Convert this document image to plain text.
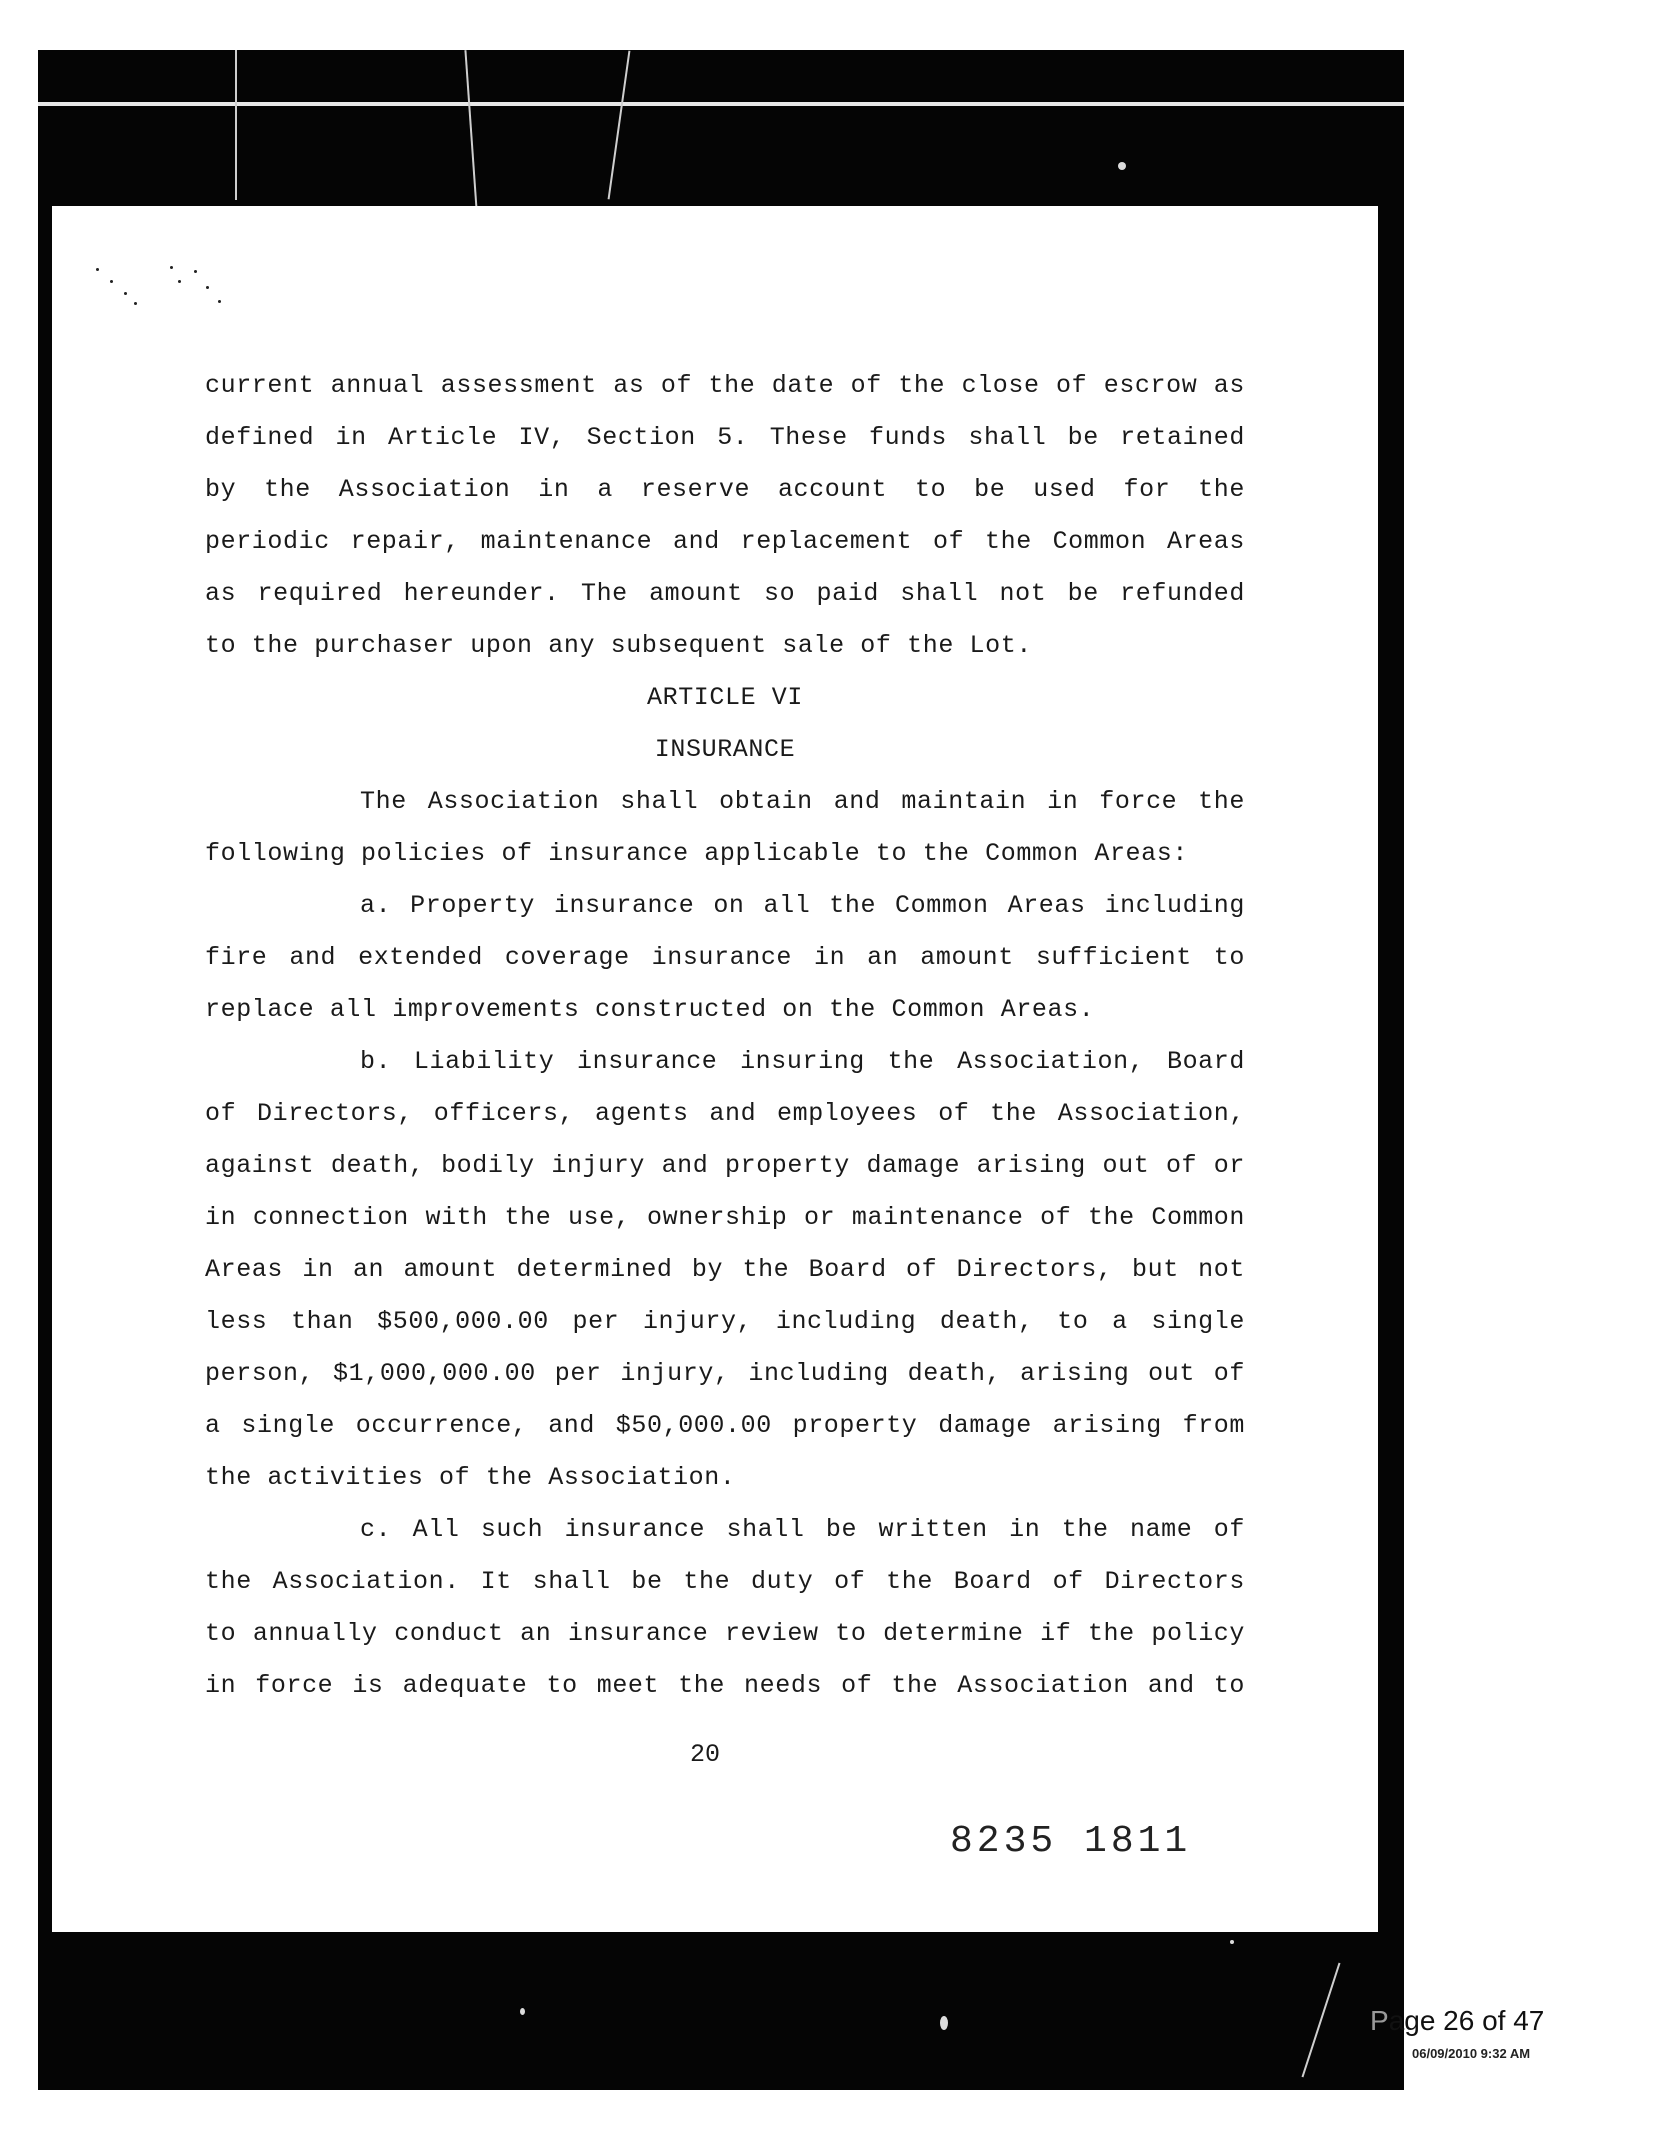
current annual assessment as of the date of the close of escrow as
defined in Article IV, Section 5. These funds shall be retained
by the Association in a reserve account to be used for the
periodic repair, maintenance and replacement of the Common Areas
as required hereunder. The amount so paid shall not be refunded
to the purchaser upon any subsequent sale of the Lot.
ARTICLE VI
INSURANCE
The Association shall obtain and maintain in force the
following policies of insurance applicable to the Common Areas:
a. Property insurance on all the Common Areas including
fire and extended coverage insurance in an amount sufficient to
replace all improvements constructed on the Common Areas.
b. Liability insurance insuring the Association, Board
of Directors, officers, agents and employees of the Association,
against death, bodily injury and property damage arising out of or
in connection with the use, ownership or maintenance of the Common
Areas in an amount determined by the Board of Directors, but not
less than $500,000.00 per injury, including death, to a single
person, $1,000,000.00 per injury, including death, arising out of
a single occurrence, and $50,000.00 property damage arising from
the activities of the Association.
c. All such insurance shall be written in the name of
the Association. It shall be the duty of the Board of Directors
to annually conduct an insurance review to determine if the policy
in force is adequate to meet the needs of the Association and to
20
8235 1811
Page 26 of 47
06/09/2010 9:32 AM
